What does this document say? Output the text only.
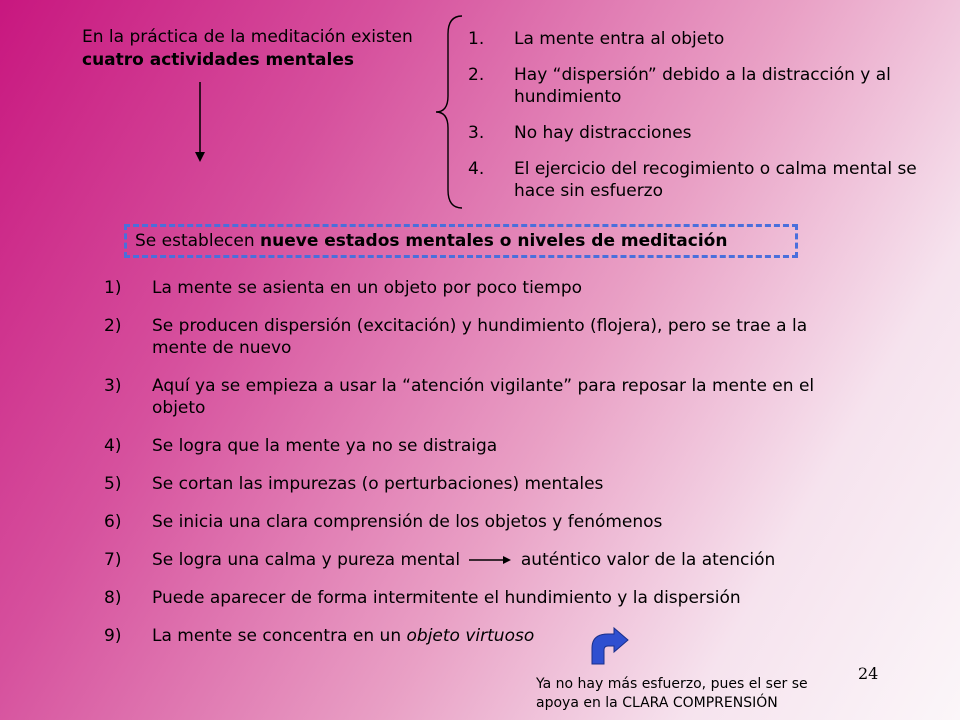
En la práctica de la meditación existen
cuatro actividades mentales
1.	La mente entra al objeto
2.	Hay “dispersión” debido a la distracción y al hundimiento
3.	No hay distracciones
4.	El ejercicio del recogimiento o calma mental se hace sin esfuerzo
Se establecen nueve estados mentales o niveles de meditación
1)	La mente se asienta en un objeto por poco tiempo
2)	Se producen dispersión (excitación) y hundimiento (flojera), pero se trae a la mente de nuevo
3)	Aquí ya se empieza a usar la “atención vigilante” para reposar la mente en el objeto
4)	Se logra que la mente ya no se distraiga
5)	Se cortan las impurezas (o perturbaciones) mentales
6)	Se inicia una clara comprensión de los objetos y fenómenos
7)	Se logra una calma y pureza mental	auténtico valor de la atención
8)	Puede aparecer de forma intermitente el hundimiento y la dispersión
9)	La mente se concentra en un objeto virtuoso
Ya no hay más esfuerzo, pues el ser se
apoya en la CLARA COMPRENSIÓN
24
